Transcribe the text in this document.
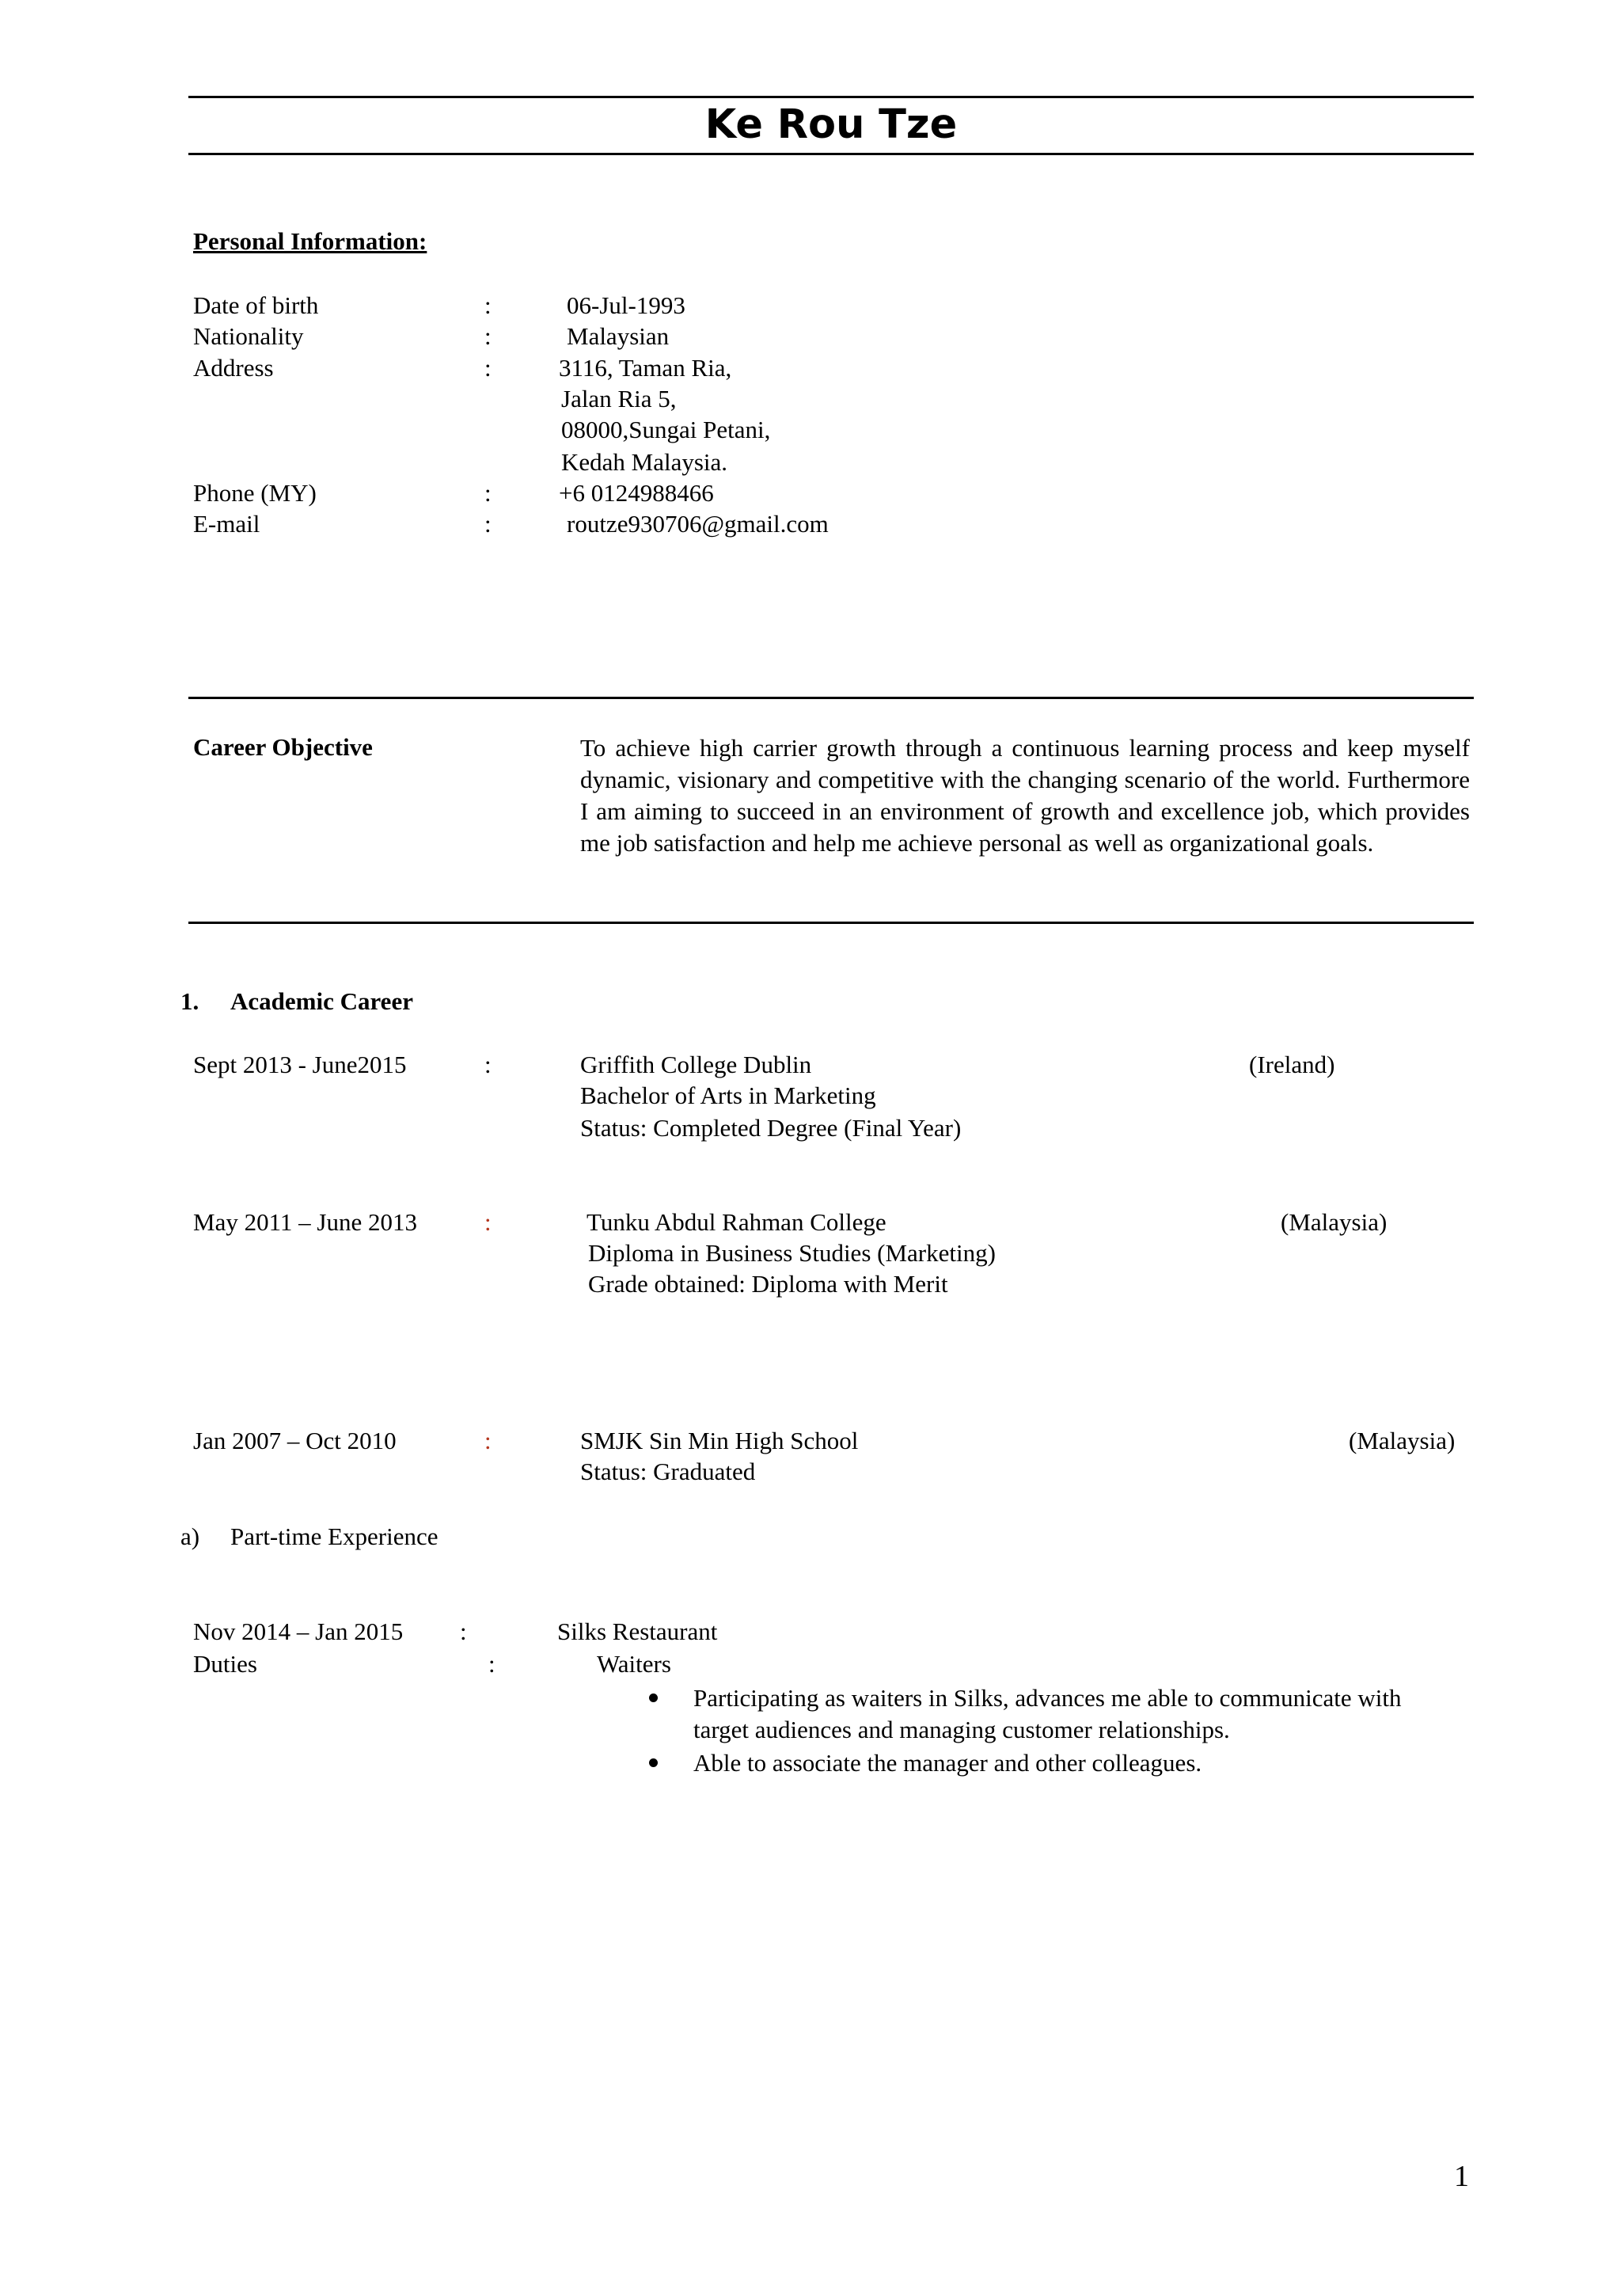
Ke Rou Tze
Personal Information:
Date of birth	:	06-Jul-1993
Nationality	:	Malaysian
Address	:	3116, Taman Ria,
Jalan Ria 5,
08000,Sungai Petani,
Kedah Malaysia.
Phone (MY)	:	+6 0124988466
E-mail	:	routze930706@gmail.com
Career Objective	To achieve high carrier growth through a continuous learning process and keep myself dynamic, visionary and competitive with the changing scenario of the world. Furthermore I am aiming to succeed in an environment of growth and excellence job, which provides me job satisfaction and help me achieve personal as well as organizational goals.
1. Academic Career
Sept 2013 - June2015	:	Griffith College Dublin	(Ireland)
Bachelor of Arts in Marketing
Status: Completed Degree (Final Year)
May 2011 – June 2013	:	Tunku Abdul Rahman College	(Malaysia)
Diploma in Business Studies (Marketing)
Grade obtained: Diploma with Merit
Jan 2007 – Oct 2010	:	SMJK Sin Min High School	(Malaysia)
Status: Graduated
a) Part-time Experience
Nov 2014 – Jan 2015 :	Silks Restaurant
Duties	:	Waiters
Participating as waiters in Silks, advances me able to communicate with target audiences and managing customer relationships.
Able to associate the manager and other colleagues.
1
